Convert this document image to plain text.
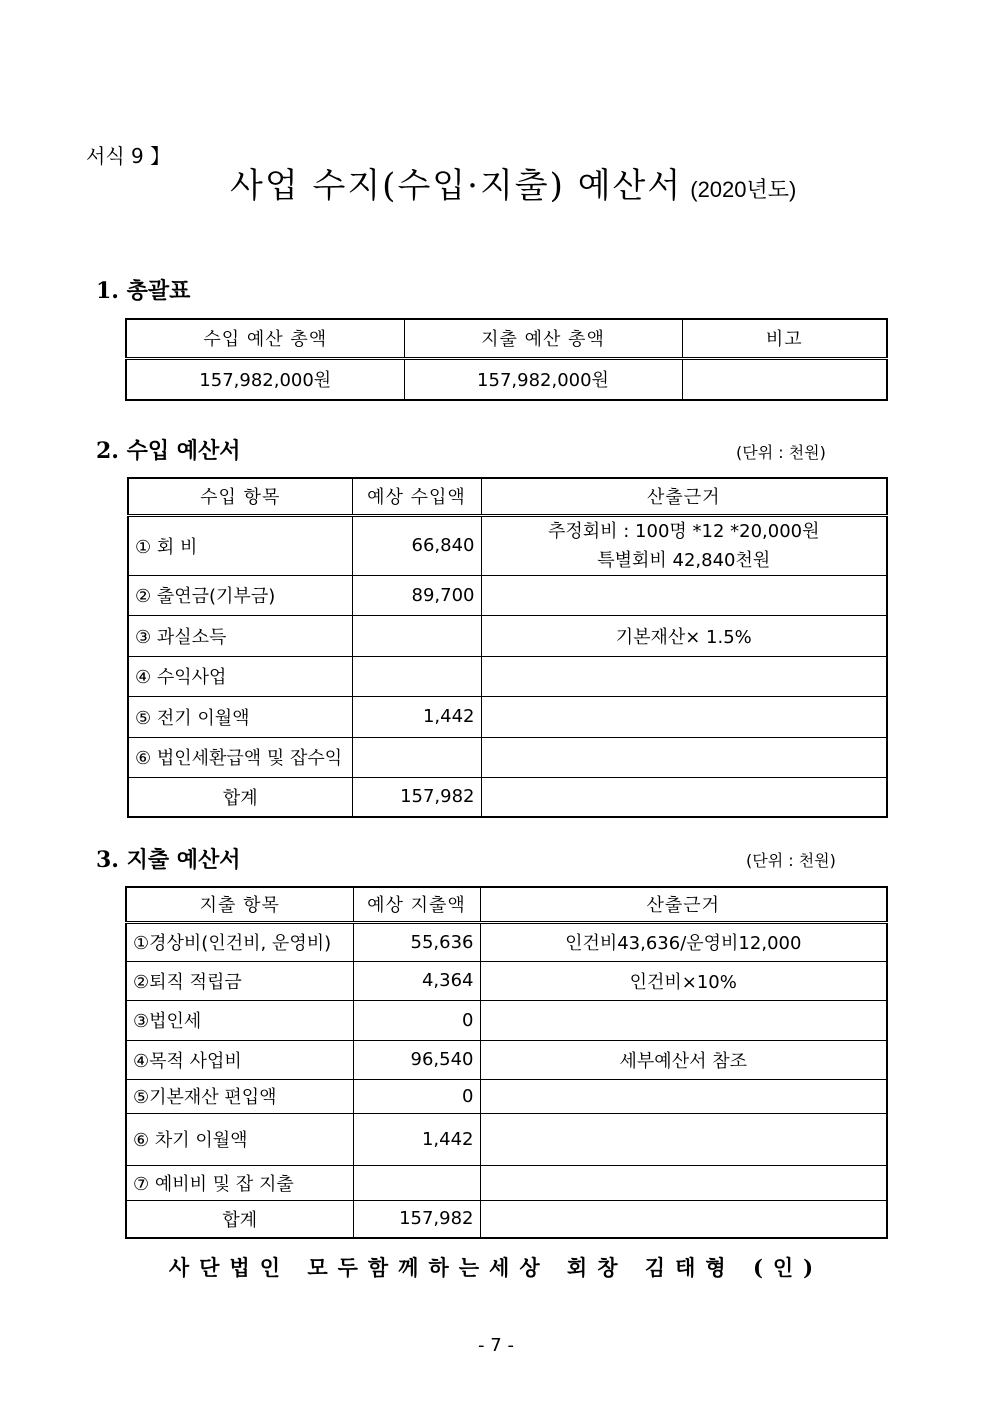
서식 9 】
사업 수지(수입·지출) 예산서 (2020년도)
1. 총괄표
수입 예산 총액	지출 예산 총액	비고
157,982,000원	157,982,000원	
2. 수입 예산서	(단위 : 천원)
수입 항목	예상 수입액	산출근거
① 회 비	66,840	추정회비 : 100명 *12 *20,000원
특별회비 42,840천원

② 출연금(기부금)	89,700	
③ 과실소득		기본재산× 1.5%
④ 수익사업		
⑤ 전기 이월액	1,442	
⑥ 법인세환급액 및 잡수익		
합계	157,982	
3. 지출 예산서	(단위 : 천원)
지출 항목	예상 지출액	산출근거
①경상비(인건비, 운영비)	55,636	인건비43,636/운영비12,000
②퇴직 적립금	4,364	인건비×10%
③법인세	0	
④목적 사업비	96,540	세부예산서 참조
⑤기본재산 편입액	0	
⑥ 차기 이월액	1,442	
⑦ 예비비 및 잡 지출		
합계	157,982	
사단법인 모두함께하는세상 회창 김태형 (인)
- 7 -
